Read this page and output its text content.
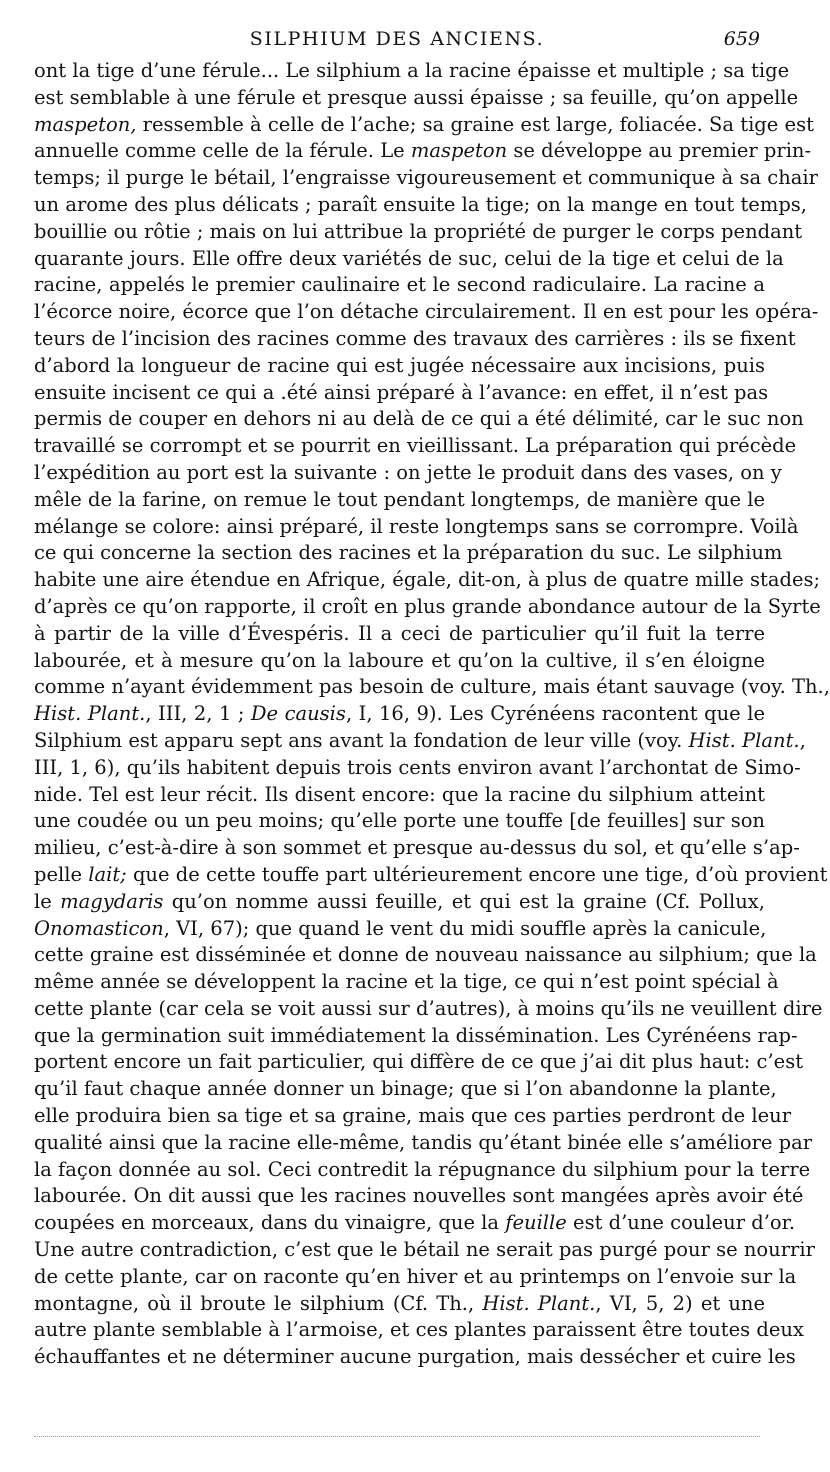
SILPHIUM DES ANCIENS.	659
ont la tige d’une férule... Le silphium a la racine épaisse et multiple ; sa tige
est semblable à une férule et presque aussi épaisse ; sa feuille, qu’on appelle
maspeton, ressemble à celle de l’ache; sa graine est large, foliacée. Sa tige est
annuelle comme celle de la férule. Le maspeton se développe au premier prin-
temps; il purge le bétail, l’engraisse vigoureusement et communique à sa chair
un arome des plus délicats ; paraît ensuite la tige; on la mange en tout temps,
bouillie ou rôtie ; mais on lui attribue la propriété de purger le corps pendant
quarante jours. Elle offre deux variétés de suc, celui de la tige et celui de la
racine, appelés le premier caulinaire et le second radiculaire. La racine a
l’écorce noire, écorce que l’on détache circulairement. Il en est pour les opéra-
teurs de l’incision des racines comme des travaux des carrières : ils se fixent
d’abord la longueur de racine qui est jugée nécessaire aux incisions, puis
ensuite incisent ce qui a .été ainsi préparé à l’avance: en effet, il n’est pas
permis de couper en dehors ni au delà de ce qui a été délimité, car le suc non
travaillé se corrompt et se pourrit en vieillissant. La préparation qui précède
l’expédition au port est la suivante : on jette le produit dans des vases, on y
mêle de la farine, on remue le tout pendant longtemps, de manière que le
mélange se colore: ainsi préparé, il reste longtemps sans se corrompre. Voilà
ce qui concerne la section des racines et la préparation du suc. Le silphium
habite une aire étendue en Afrique, égale, dit-on, à plus de quatre mille stades;
d’après ce qu’on rapporte, il croît en plus grande abondance autour de la Syrte
à partir de la ville d’Évespéris. Il a ceci de particulier qu’il fuit la terre
labourée, et à mesure qu’on la laboure et qu’on la cultive, il s’en éloigne
comme n’ayant évidemment pas besoin de culture, mais étant sauvage (voy. Th.,
Hist. Plant., III, 2, 1 ; De causis, I, 16, 9). Les Cyrénéens racontent que le
Silphium est apparu sept ans avant la fondation de leur ville (voy. Hist. Plant.,
III, 1, 6), qu’ils habitent depuis trois cents environ avant l’archontat de Simo-
nide. Tel est leur récit. Ils disent encore: que la racine du silphium atteint
une coudée ou un peu moins; qu’elle porte une touffe [de feuilles] sur son
milieu, c’est-à-dire à son sommet et presque au-dessus du sol, et qu’elle s’ap-
pelle lait; que de cette touffe part ultérieurement encore une tige, d’où provient
le magydaris qu’on nomme aussi feuille, et qui est la graine (Cf. Pollux,
Onomasticon, VI, 67); que quand le vent du midi souffle après la canicule,
cette graine est disséminée et donne de nouveau naissance au silphium; que la
même année se développent la racine et la tige, ce qui n’est point spécial à
cette plante (car cela se voit aussi sur d’autres), à moins qu’ils ne veuillent dire
que la germination suit immédiatement la dissémination. Les Cyrénéens rap-
portent encore un fait particulier, qui diffère de ce que j’ai dit plus haut: c’est
qu’il faut chaque année donner un binage; que si l’on abandonne la plante,
elle produira bien sa tige et sa graine, mais que ces parties perdront de leur
qualité ainsi que la racine elle-même, tandis qu’étant binée elle s’améliore par
la façon donnée au sol. Ceci contredit la répugnance du silphium pour la terre
labourée. On dit aussi que les racines nouvelles sont mangées après avoir été
coupées en morceaux, dans du vinaigre, que la feuille est d’une couleur d’or.
Une autre contradiction, c’est que le bétail ne serait pas purgé pour se nourrir
de cette plante, car on raconte qu’en hiver et au printemps on l’envoie sur la
montagne, où il broute le silphium (Cf. Th., Hist. Plant., VI, 5, 2) et une
autre plante semblable à l’armoise, et ces plantes paraissent être toutes deux
échauffantes et ne déterminer aucune purgation, mais dessécher et cuire les
